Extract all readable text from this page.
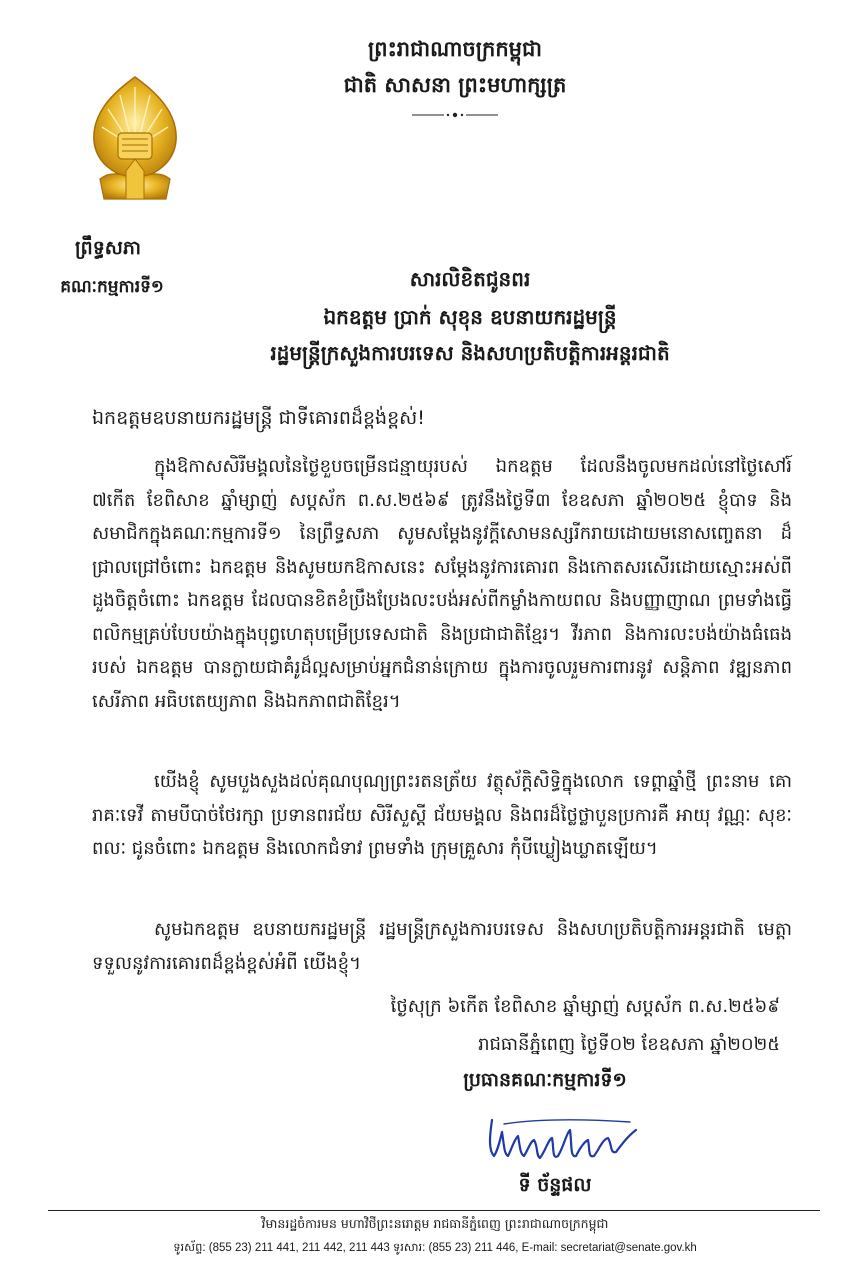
ព្រះរាជាណាចក្រកម្ពុជា
ជាតិ សាសនា ព្រះមហាក្សត្រ
ព្រឹទ្ធសភា
គណៈកម្មការទី១	សារលិខិតជូនពរ
ឯកឧត្តម ប្រាក់ សុខុន ឧបនាយករដ្ឋមន្ត្រី
រដ្ឋមន្ត្រីក្រសួងការបរទេស និងសហប្រតិបត្តិការអន្តរជាតិ
ឯកឧត្តមឧបនាយករដ្ឋមន្ត្រី ជាទីគោរពដ៏ខ្ពង់ខ្ពស់!
ក្នុងឱកាសសិរីមង្គលនៃថ្ងៃខួបចម្រើនជន្មាយុរបស់ ឯកឧត្តម ដែលនឹងចូលមកដល់នៅថ្ងៃសៅរ៍ ៧កើត ខែពិសាខ ឆ្នាំម្សាញ់ សប្តស័ក ព.ស.២៥៦៩ ត្រូវនឹងថ្ងៃទី៣ ខែឧសភា ឆ្នាំ២០២៥ ខ្ញុំបាទ និងសមាជិកក្នុងគណៈកម្មការទី១ នៃព្រឹទ្ធសភា សូមសម្តែងនូវក្តីសោមនស្សរីករាយដោយមនោសញ្ចេតនា ដ៏ជ្រាលជ្រៅចំពោះ ឯកឧត្តម និងសូមយកឱកាសនេះ សម្តែងនូវការគោរព និងកោតសរសើរដោយស្មោះអស់ពីដួងចិត្តចំពោះ ឯកឧត្តម ដែលបានខិតខំប្រឹងប្រែងលះបង់អស់ពីកម្លាំងកាយពល និងបញ្ញាញាណ ព្រមទាំងធ្វើពលិកម្មគ្រប់បែបយ៉ាងក្នុងបុព្វហេតុបម្រើប្រទេសជាតិ និងប្រជាជាតិខ្មែរ។ វីរភាព និងការលះបង់យ៉ាងធំធេងរបស់ ឯកឧត្តម បានក្លាយជាគំរូដ៏ល្អសម្រាប់អ្នកជំនាន់ក្រោយ ក្នុងការចូលរួមការពារនូវ សន្តិភាព វឌ្ឍនភាព សេរីភាព អធិបតេយ្យភាព និងឯកភាពជាតិខ្មែរ។
យើងខ្ញុំ សូមបួងសួងដល់គុណបុណ្យព្រះរតនត្រ័យ វត្ថុស័ក្តិសិទ្ធិក្នុងលោក ទេព្តាឆ្នាំថ្មី ព្រះនាម គោរាគៈទេវី តាមបីបាច់ថែរក្សា ប្រទានពរជ័យ សិរីសួស្តី ជ័យមង្គល និងពរដ៏ថ្លៃថ្លាបួនប្រការគឺ អាយុ វណ្ណៈ សុខៈ ពលៈ ជូនចំពោះ ឯកឧត្តម និងលោកជំទាវ ព្រមទាំង ក្រុមគ្រួសារ កុំបីឃ្លៀងឃ្លាតឡើយ។
សូមឯកឧត្តម ឧបនាយករដ្ឋមន្ត្រី រដ្ឋមន្ត្រីក្រសួងការបរទេស និងសហប្រតិបត្តិការអន្តរជាតិ មេត្តាទទួលនូវការគោរពដ៏ខ្ពង់ខ្ពស់អំពី យើងខ្ញុំ។
ថ្ងៃសុក្រ ៦កើត ខែពិសាខ ឆ្នាំម្សាញ់ សប្តស័ក ព.ស.២៥៦៩
រាជធានីភ្នំពេញ ថ្ងៃទី០២ ខែឧសភា ឆ្នាំ២០២៥
ប្រធានគណៈកម្មការទី១
ទី ច័ន្ទផល
វិមានរដ្ឋចំការមន មហាវិថីព្រះនរោត្តម រាជធានីភ្នំពេញ ព្រះរាជាណាចក្រកម្ពុជា
ទូរស័ព្ទ: (855 23) 211 441, 211 442, 211 443 ទូរសារ: (855 23) 211 446, E-mail: secretariat@senate.gov.kh
